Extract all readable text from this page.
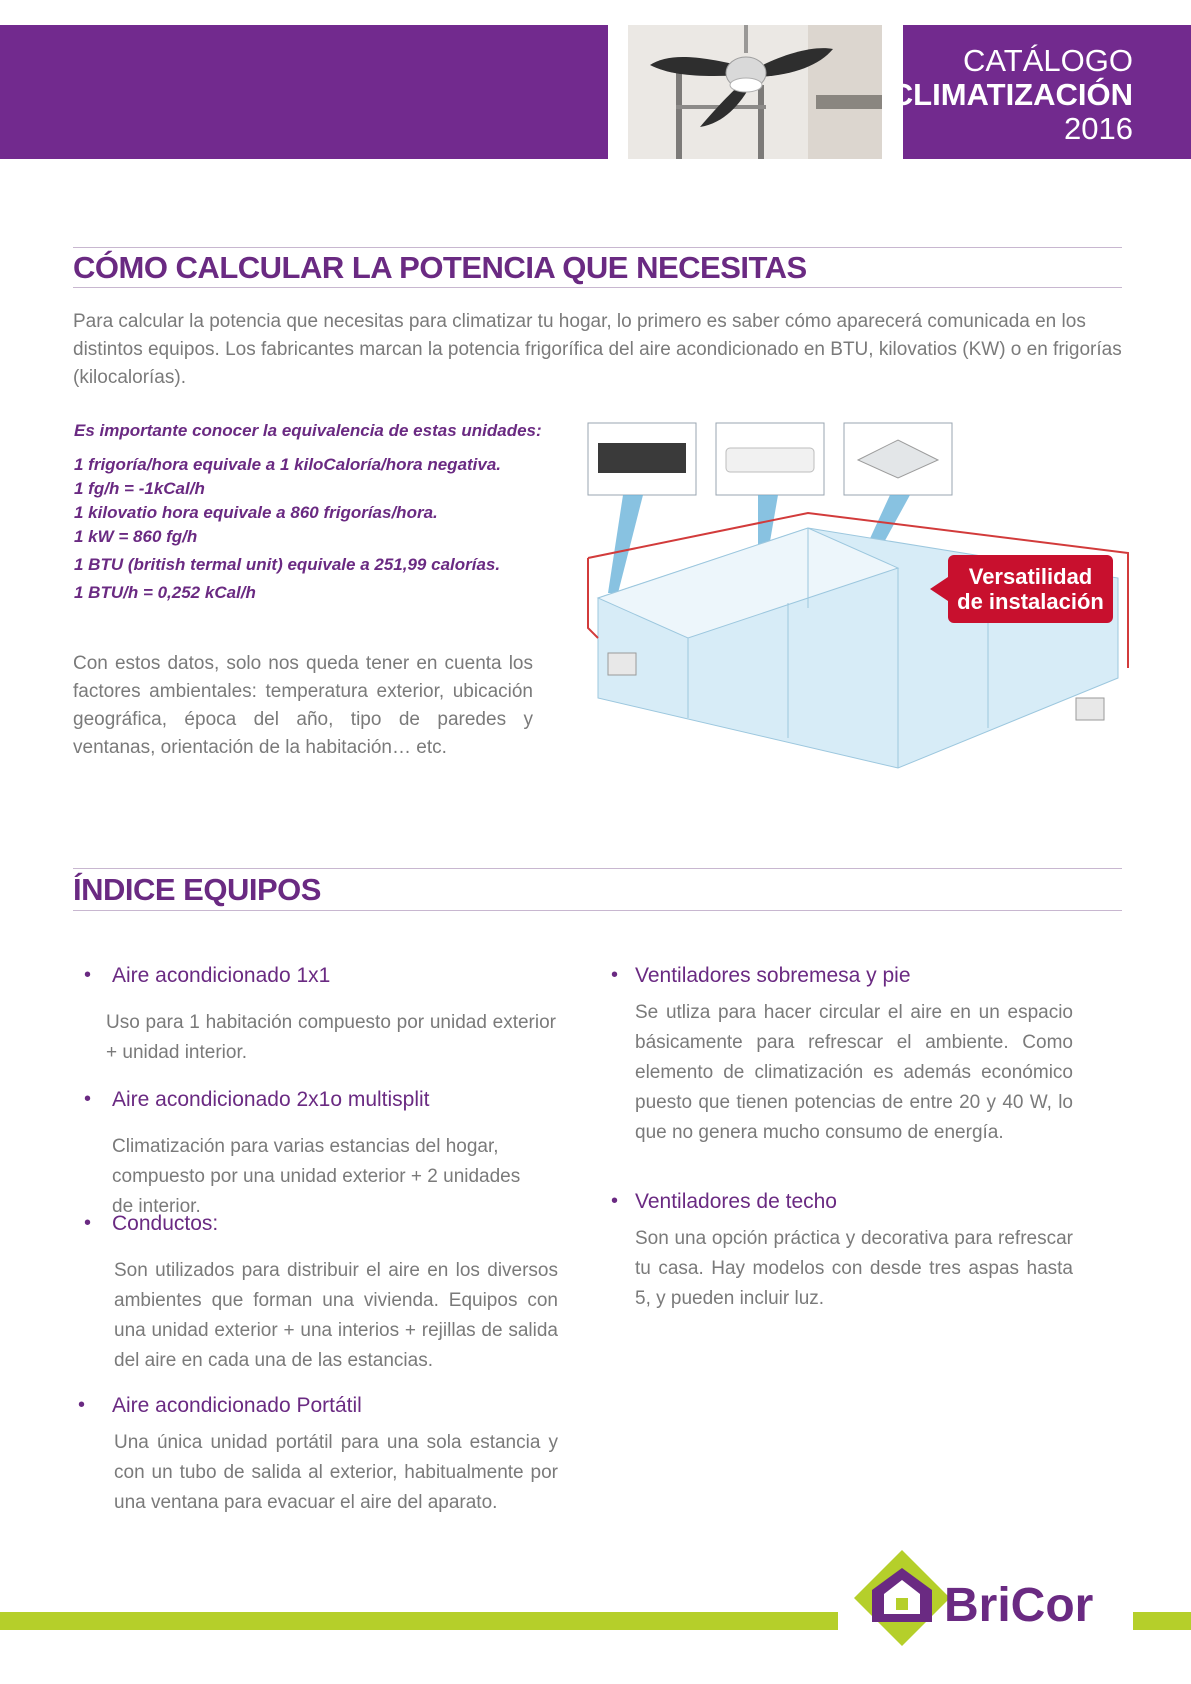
CATÁLOGO
CLIMATIZACIÓN
2016
CÓMO CALCULAR LA POTENCIA QUE NECESITAS
Para calcular la potencia que necesitas para climatizar tu hogar, lo primero es saber cómo aparecerá comunicada en los distintos equipos. Los fabricantes marcan la potencia frigorífica del aire acondicionado en BTU, kilovatios (KW) o en frigorías (kilocalorías).
Es importante conocer la equivalencia de estas unidades:
1 frigoría/hora equivale a 1 kiloCaloría/hora negativa.
1 fg/h = -1kCal/h
1 kilovatio hora equivale a 860 frigorías/hora.
1 kW = 860 fg/h
1 BTU (british termal unit) equivale a 251,99 calorías.
1 BTU/h = 0,252 kCal/h
Con estos datos, solo nos queda tener en cuenta los factores ambientales: temperatura exterior, ubicación geográfica, época del año, tipo de paredes y ventanas, orientación de la habitación… etc.
Versatilidad
de instalación
ÍNDICE EQUIPOS
• Aire acondicionado 1x1
Uso para 1 habitación compuesto por unidad exterior + unidad interior.
• Aire acondicionado 2x1o multisplit
Climatización para varias estancias del hogar, compuesto por una unidad exterior + 2 unidades de interior.
• Conductos:
Son utilizados para distribuir el aire en los diversos ambientes que forman una vivienda. Equipos con una unidad exterior + una interios + rejillas de salida del aire en cada una de las estancias.
• Aire acondicionado Portátil
Una única unidad portátil para una sola estancia y con un tubo de salida al exterior, habitualmente por una ventana para evacuar el aire del aparato.
• Ventiladores sobremesa y pie
Se utliza para hacer circular el aire en un espacio básicamente para refrescar el ambiente. Como elemento de climatización es además económico puesto que tienen potencias de entre 20 y 40 W, lo que no genera mucho consumo de energía.
• Ventiladores de techo
Son una opción práctica y decorativa para refrescar tu casa. Hay modelos con desde tres aspas hasta 5, y pueden incluir luz.
BriCor
